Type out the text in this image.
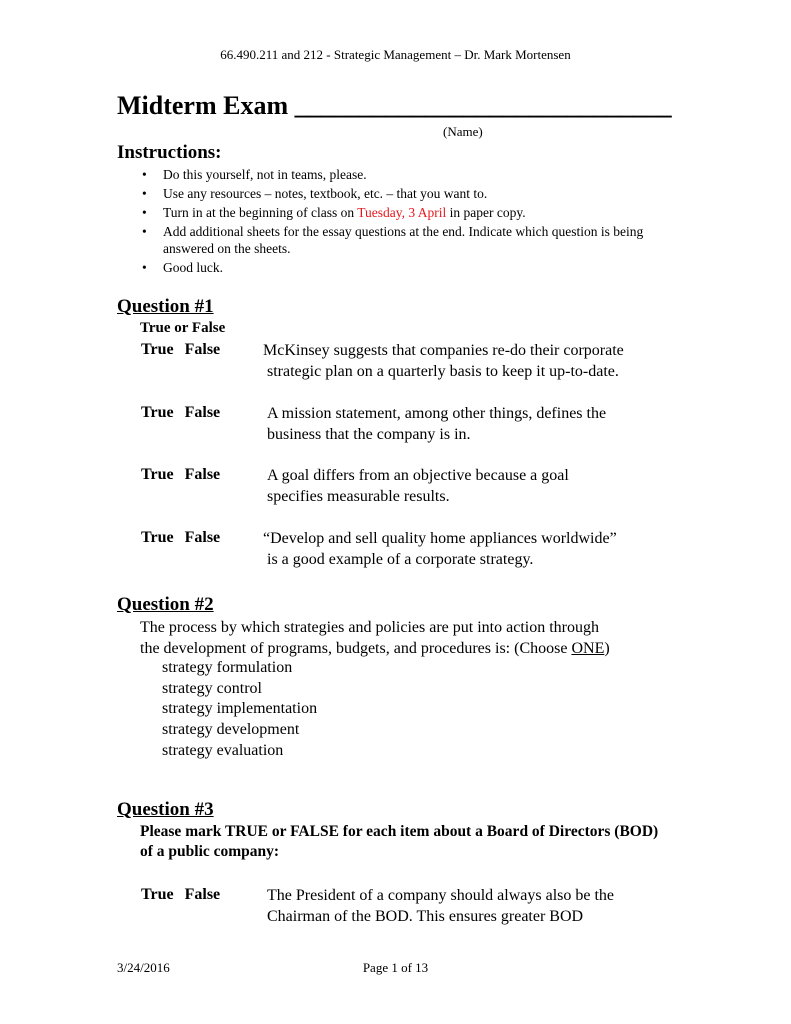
66.490.211 and 212 - Strategic Management – Dr. Mark Mortensen
Midterm Exam _____________________________
(Name)
Instructions:
• Do this yourself, not in teams, please.
• Use any resources – notes, textbook, etc. – that you want to.
• Turn in at the beginning of class on Tuesday, 3 April in paper copy.
• Add additional sheets for the essay questions at the end. Indicate which question is being answered on the sheets.
• Good luck.
Question #1
True or False
True False	McKinsey suggests that companies re-do their corporate
strategic plan on a quarterly basis to keep it up-to-date.
True False	A mission statement, among other things, defines the
business that the company is in.
True False	A goal differs from an objective because a goal
specifies measurable results.
True False	“Develop and sell quality home appliances worldwide”
is a good example of a corporate strategy.
Question #2
The process by which strategies and policies are put into action through
the development of programs, budgets, and procedures is: (Choose ONE)
strategy formulation
strategy control
strategy implementation
strategy development
strategy evaluation
Question #3
Please mark TRUE or FALSE for each item about a Board of Directors (BOD) of a public company:
True False	The President of a company should always also be the
Chairman of the BOD. This ensures greater BOD
Page 1 of 13
3/24/2016
